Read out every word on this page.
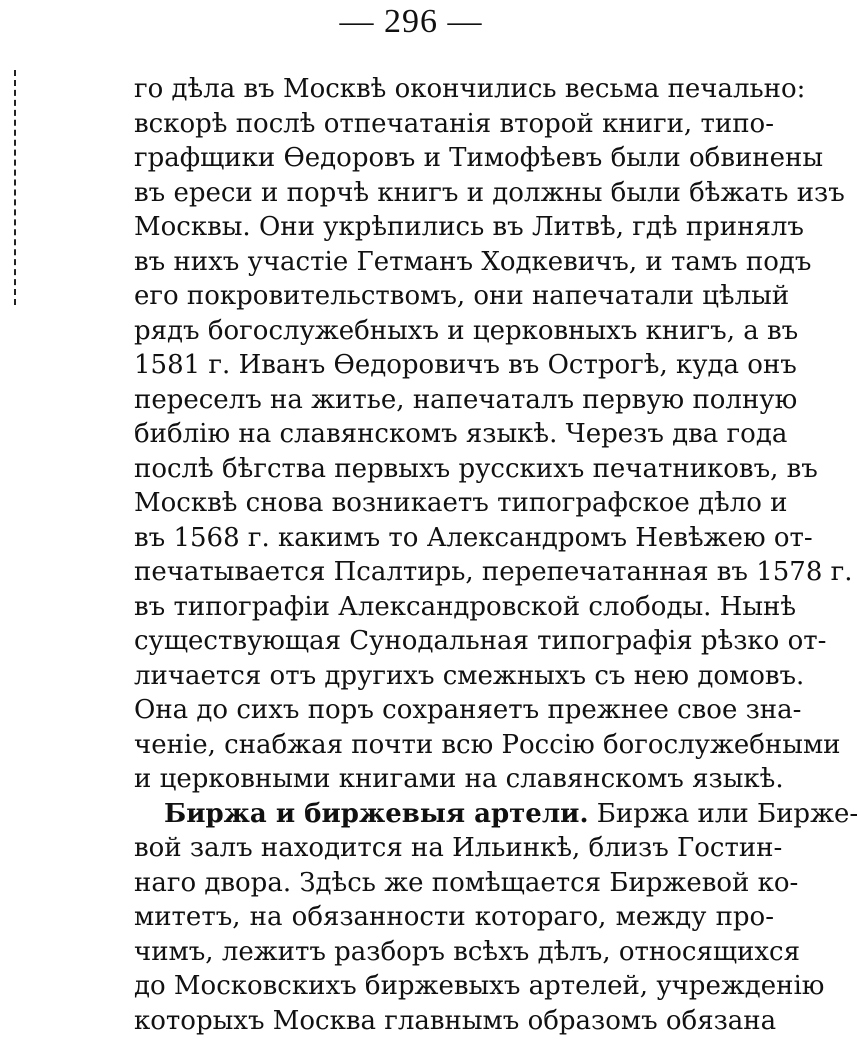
— 296 —
го дѣла въ Москвѣ окончились весьма печально:
вскорѣ послѣ отпечатанія второй книги, типо-
графщики Ѳедоровъ и Тимофѣевъ были обвинены
въ ереси и порчѣ книгъ и должны были бѣжать изъ
Москвы. Они укрѣпились въ Литвѣ, гдѣ принялъ
въ нихъ участіе Гетманъ Ходкевичъ, и тамъ подъ
его покровительствомъ, они напечатали цѣлый
рядъ богослужебныхъ и церковныхъ книгъ, а въ
1581 г. Иванъ Ѳедоровичъ въ Острогѣ, куда онъ
переселъ на житье, напечаталъ первую полную
библію на славянскомъ языкѣ. Черезъ два года
послѣ бѣгства первыхъ русскихъ печатниковъ, въ
Москвѣ снова возникаетъ типографское дѣло и
въ 1568 г. какимъ то Александромъ Невѣжею от-
печатывается Псалтирь, перепечатанная въ 1578 г.
въ типографіи Александровской слободы. Нынѣ
существующая Сунодальная типографія рѣзко от-
личается отъ другихъ смежныхъ съ нею домовъ.
Она до сихъ поръ сохраняетъ прежнее свое зна-
ченіе, снабжая почти всю Россію богослужебными
и церковными книгами на славянскомъ языкѣ.
Биржа и биржевыя артели. Биржа или Бирже-
вой залъ находится на Ильинкѣ, близъ Гостин-
наго двора. Здѣсь же помѣщается Биржевой ко-
митетъ, на обязанности котораго, между про-
чимъ, лежитъ разборъ всѣхъ дѣлъ, относящихся
до Московскихъ биржевыхъ артелей, учрежденію
которыхъ Москва главнымъ образомъ обязана
